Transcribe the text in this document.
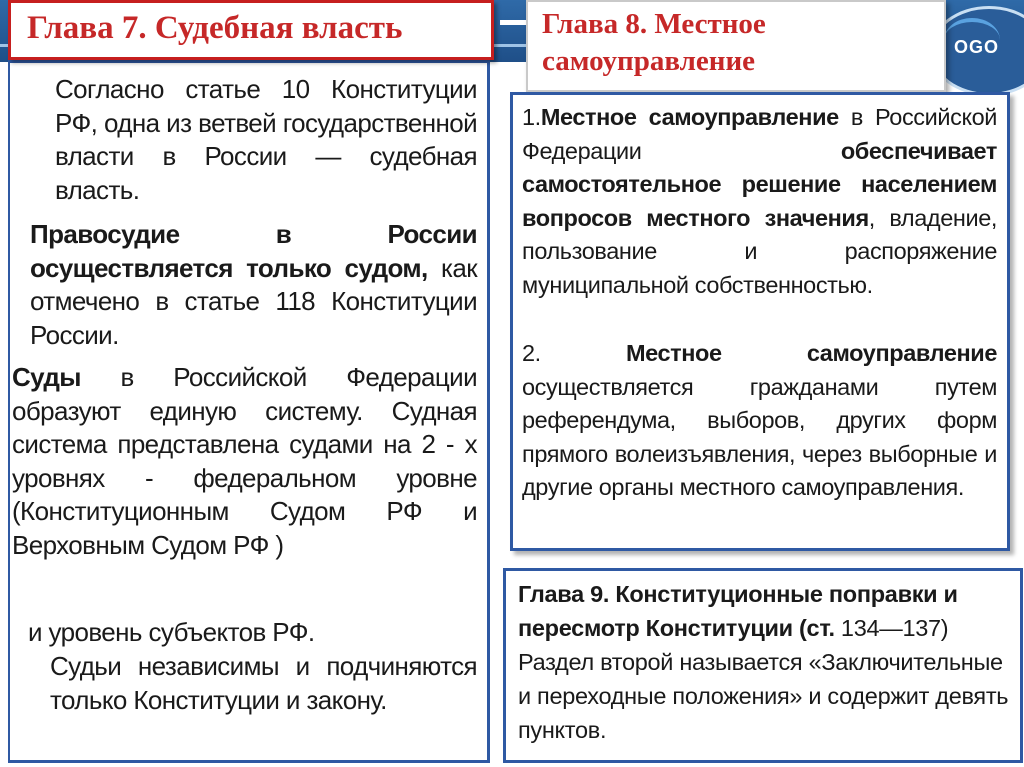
OGO

Согласно статье 10 Конституции РФ, одна из ветвей государственной власти в России — судебная власть.

Правосудие в России осуществляется только судом, как отмечено в статье 118 Конституции России.

Суды в Российской Федерации образуют единую систему. Судная система представлена судами на 2 - х уровнях - федеральном уровне (Конституционным Судом РФ и Верховным Судом РФ )

и уровень субъектов РФ.

Судьи независимы и подчиняются только Конституции и закону.

Глава 7. Судебная власть	Глава 8. Местное самоуправление

1.Местное самоуправление в Российской Федерации обеспечивает самостоятельное решение населением вопросов местного значения, владение, пользование и распоряжение муниципальной собственностью.

2. Местное самоуправление осуществляется гражданами путем референдума, выборов, других форм прямого волеизъявления, через выборные и другие органы местного самоуправления.

Глава 9. Конституционные поправки и пересмотр Конституции (ст. 134—137)
Раздел второй называется «Заключительные и переходные положения» и содержит девять пунктов.
